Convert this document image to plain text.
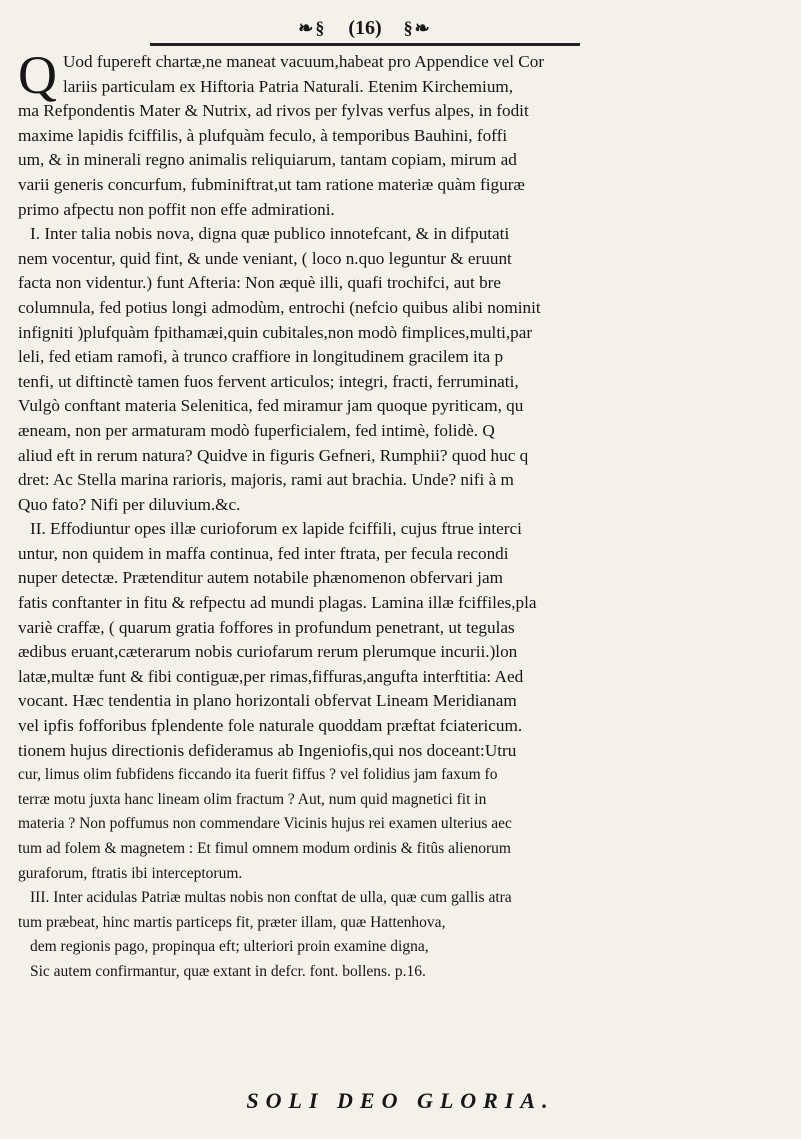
❧§ (16) §❧
Q Uod fupereft chartæ,ne maneat vacuum,habeat pro Appendice vel Cor
lariis particulam ex Hiftoria Patria Naturali. Etenim Kirchemium,
ma Refpondentis Mater & Nutrix, ad rivos per fylvas verfus alpes, in fodit
maxime lapidis fciffilis, à plufquàm feculo, à temporibus Bauhini, foffi
um, & in minerali regno animalis reliquiarum, tantam copiam, mirum ad
varii generis concurfum, fubminiftrat,ut tam ratione materiæ quàm figuræ
primo afpectu non poffit non effe admirationi.
I. Inter talia nobis nova, digna quæ publico innotefcant, & in difputati
nem vocentur, quid fint, & unde veniant, ( loco n.quo leguntur & eruunt
facta non videntur.) funt Afteria: Non æquè illi, quafi trochifci, aut bre
columnula, fed potius longi admodùm, entrochi (nefcio quibus alibi nominit
infigniti )plufquàm fpithamæi,quin cubitales,non modò fimplices,multi,par
leli, fed etiam ramofi, à trunco craffiore in longitudinem gracilem ita p
tenfi, ut diftinctè tamen fuos fervent articulos; integri, fracti, ferruminati,
Vulgò conftant materia Selenitica, fed miramur jam quoque pyriticam, qu
æneam, non per armaturam modò fuperficialem, fed intimè, folidè. Q
aliud eft in rerum natura? Quidve in figuris Gefneri, Rumphii? quod huc q
dret: Ac Stella marina rarioris, majoris, rami aut brachia. Unde? nifi à m
Quo fato? Nifi per diluvium.&c.
II. Effodiuntur opes illæ curioforum ex lapide fciffili, cujus ftrue interci
untur, non quidem in maffa continua, fed inter ftrata, per fecula recondi
nuper detectæ. Prætenditur autem notabile phænomenon obfervari jam
fatis conftanter in fitu & refpectu ad mundi plagas. Lamina illæ fciffiles,pla
variè craffæ, ( quarum gratia foffores in profundum penetrant, ut tegulas
ædibus eruant,cæterarum nobis curiofarum rerum plerumque incurii.)lon
latæ,multæ funt & fibi contiguæ,per rimas,fiffuras,angufta interftitia: Aed
vocant. Hæc tendentia in plano horizontali obfervat Lineam Meridianam
vel ipfis fofforibus fplendente fole naturale quoddam præftat fciatericum.
tionem hujus directionis defideramus ab Ingeniofis,qui nos doceant:Utru
cur, limus olim fubfidens ficcando ita fuerit fiffus ? vel folidius jam faxum fo
terræ motu juxta hanc lineam olim fractum ? Aut, num quid magnetici fit in
materia ? Non poffumus non commendare Vicinis hujus rei examen ulterius aec
tum ad folem & magnetem : Et fimul omnem modum ordinis & fitûs alienorum
guraforum, ftratis ibi interceptorum.
III. Inter acidulas Patriæ multas nobis non conftat de ulla, quæ cum gallis atra
tum præbeat, hinc martis particeps fit, præter illam, quæ Hattenhova,
dem regionis pago, propinqua eft; ulteriori proin examine digna,
Sic autem confirmantur, quæ extant in defcr. font. bollens. p.16.
SOLI DEO GLORIA.
